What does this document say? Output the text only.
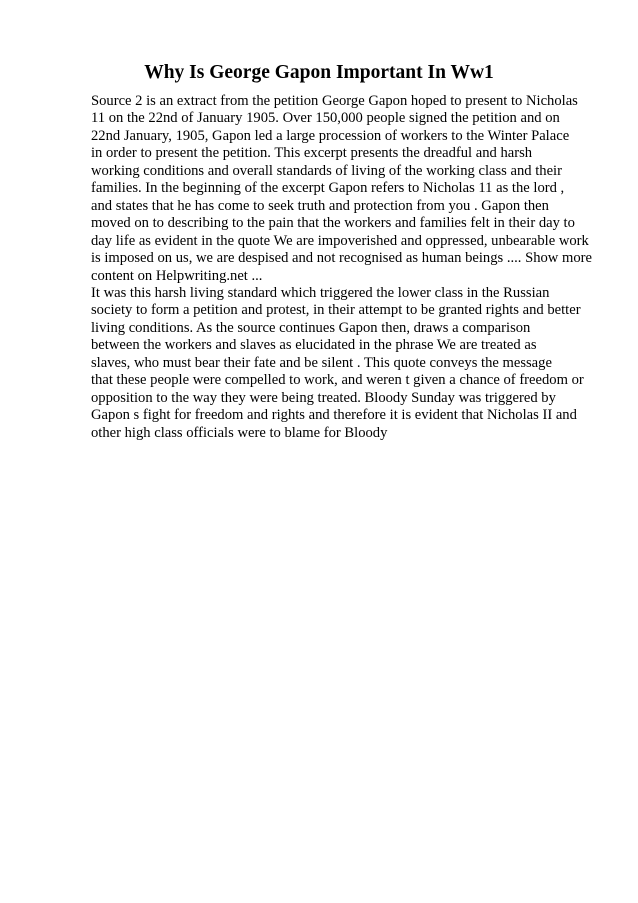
Why Is George Gapon Important In Ww1
Source 2 is an extract from the petition George Gapon hoped to present to Nicholas
11 on the 22nd of January 1905. Over 150,000 people signed the petition and on
22nd January, 1905, Gapon led a large procession of workers to the Winter Palace
in order to present the petition. This excerpt presents the dreadful and harsh
working conditions and overall standards of living of the working class and their
families. In the beginning of the excerpt Gapon refers to Nicholas 11 as the lord ,
and states that he has come to seek truth and protection from you . Gapon then
moved on to describing to the pain that the workers and families felt in their day to
day life as evident in the quote We are impoverished and oppressed, unbearable work
is imposed on us, we are despised and not recognised as human beings .... Show more
content on Helpwriting.net ...
It was this harsh living standard which triggered the lower class in the Russian
society to form a petition and protest, in their attempt to be granted rights and better
living conditions. As the source continues Gapon then, draws a comparison
between the workers and slaves as elucidated in the phrase We are treated as
slaves, who must bear their fate and be silent . This quote conveys the message
that these people were compelled to work, and weren t given a chance of freedom or
opposition to the way they were being treated. Bloody Sunday was triggered by
Gapon s fight for freedom and rights and therefore it is evident that Nicholas II and
other high class officials were to blame for Bloody
